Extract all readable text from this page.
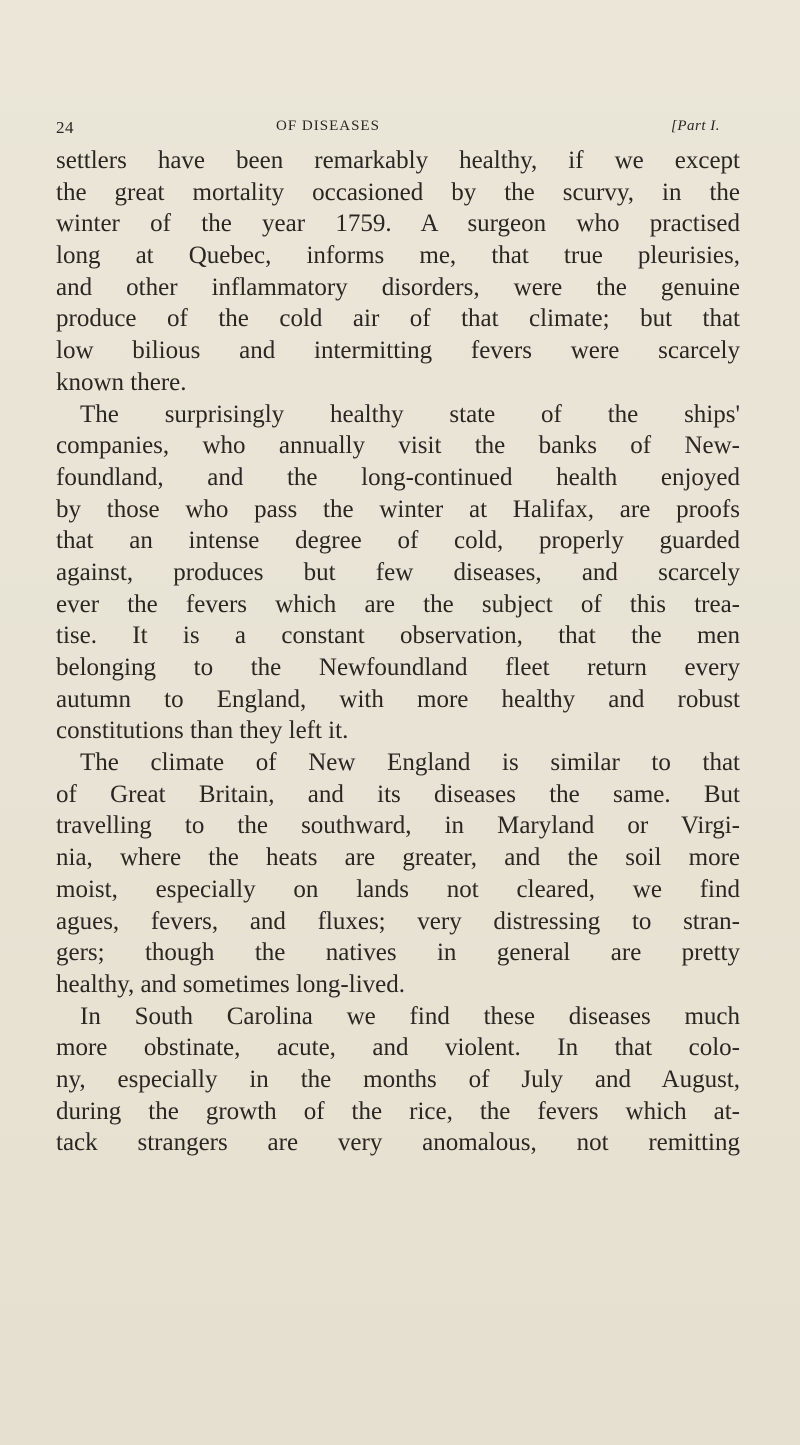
24	OF DISEASES	[Part I.
settlers have been remarkably healthy, if we except
the great mortality occasioned by the scurvy, in the
winter of the year 1759. A surgeon who practised
long at Quebec, informs me, that true pleurisies,
and other inflammatory disorders, were the genuine
produce of the cold air of that climate; but that
low bilious and intermitting fevers were scarcely
known there.
The surprisingly healthy state of the ships'
companies, who annually visit the banks of New-
foundland, and the long-continued health enjoyed
by those who pass the winter at Halifax, are proofs
that an intense degree of cold, properly guarded
against, produces but few diseases, and scarcely
ever the fevers which are the subject of this trea-
tise. It is a constant observation, that the men
belonging to the Newfoundland fleet return every
autumn to England, with more healthy and robust
constitutions than they left it.
The climate of New England is similar to that
of Great Britain, and its diseases the same. But
travelling to the southward, in Maryland or Virgi-
nia, where the heats are greater, and the soil more
moist, especially on lands not cleared, we find
agues, fevers, and fluxes; very distressing to stran-
gers; though the natives in general are pretty
healthy, and sometimes long-lived.
In South Carolina we find these diseases much
more obstinate, acute, and violent. In that colo-
ny, especially in the months of July and August,
during the growth of the rice, the fevers which at-
tack strangers are very anomalous, not remitting
